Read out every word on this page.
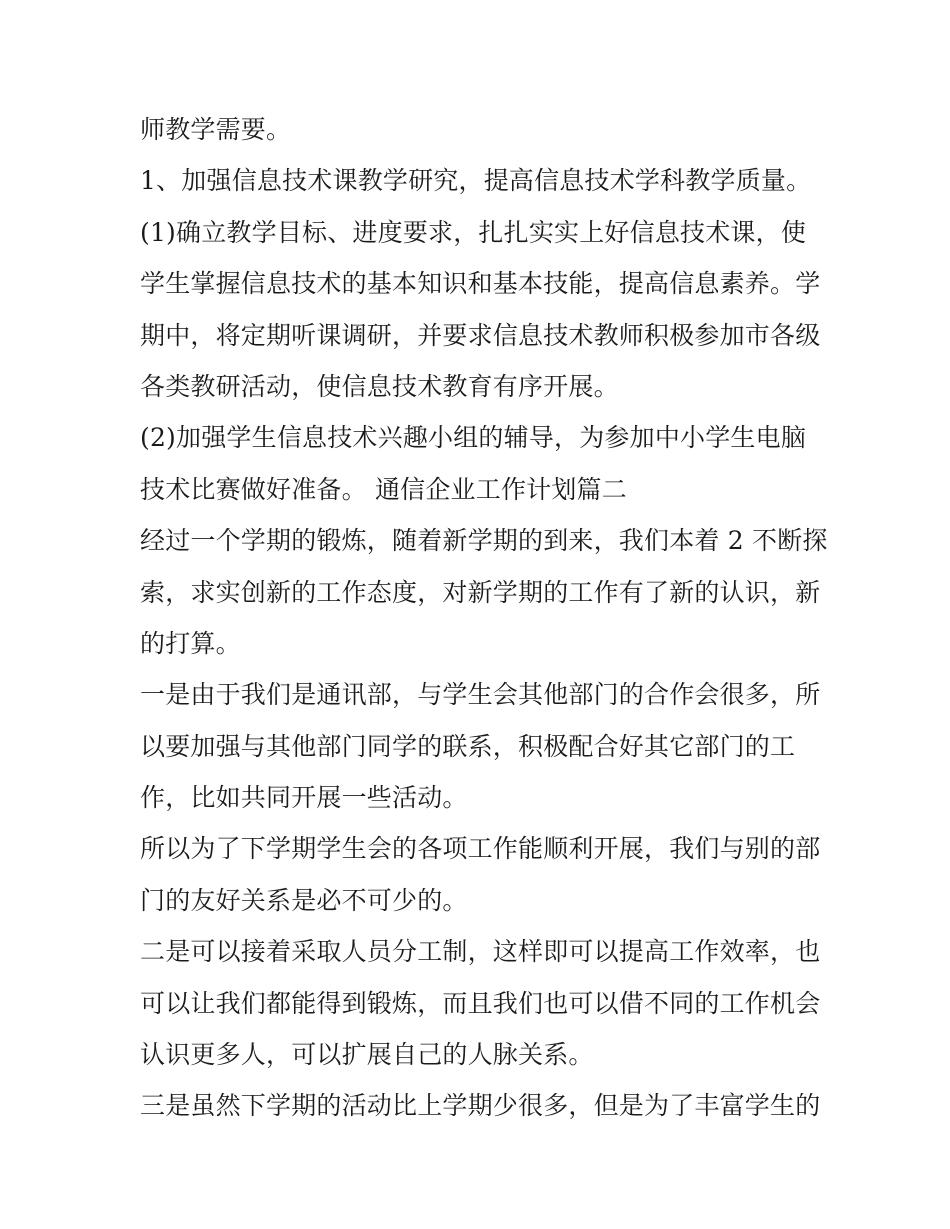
师教学需要。
1、加强信息技术课教学研究，提高信息技术学科教学质量。
(1)确立教学目标、进度要求，扎扎实实上好信息技术课，使
学生掌握信息技术的基本知识和基本技能，提高信息素养。学
期中，将定期听课调研，并要求信息技术教师积极参加市各级
各类教研活动，使信息技术教育有序开展。
(2)加强学生信息技术兴趣小组的辅导，为参加中小学生电脑
技术比赛做好准备。 通信企业工作计划篇二
经过一个学期的锻炼，随着新学期的到来，我们本着 2 不断探
索，求实创新的工作态度，对新学期的工作有了新的认识，新
的打算。
一是由于我们是通讯部，与学生会其他部门的合作会很多，所
以要加强与其他部门同学的联系，积极配合好其它部门的工
作，比如共同开展一些活动。
所以为了下学期学生会的各项工作能顺利开展，我们与别的部
门的友好关系是必不可少的。
二是可以接着采取人员分工制，这样即可以提高工作效率，也
可以让我们都能得到锻炼，而且我们也可以借不同的工作机会
认识更多人，可以扩展自己的人脉关系。
三是虽然下学期的活动比上学期少很多，但是为了丰富学生的
